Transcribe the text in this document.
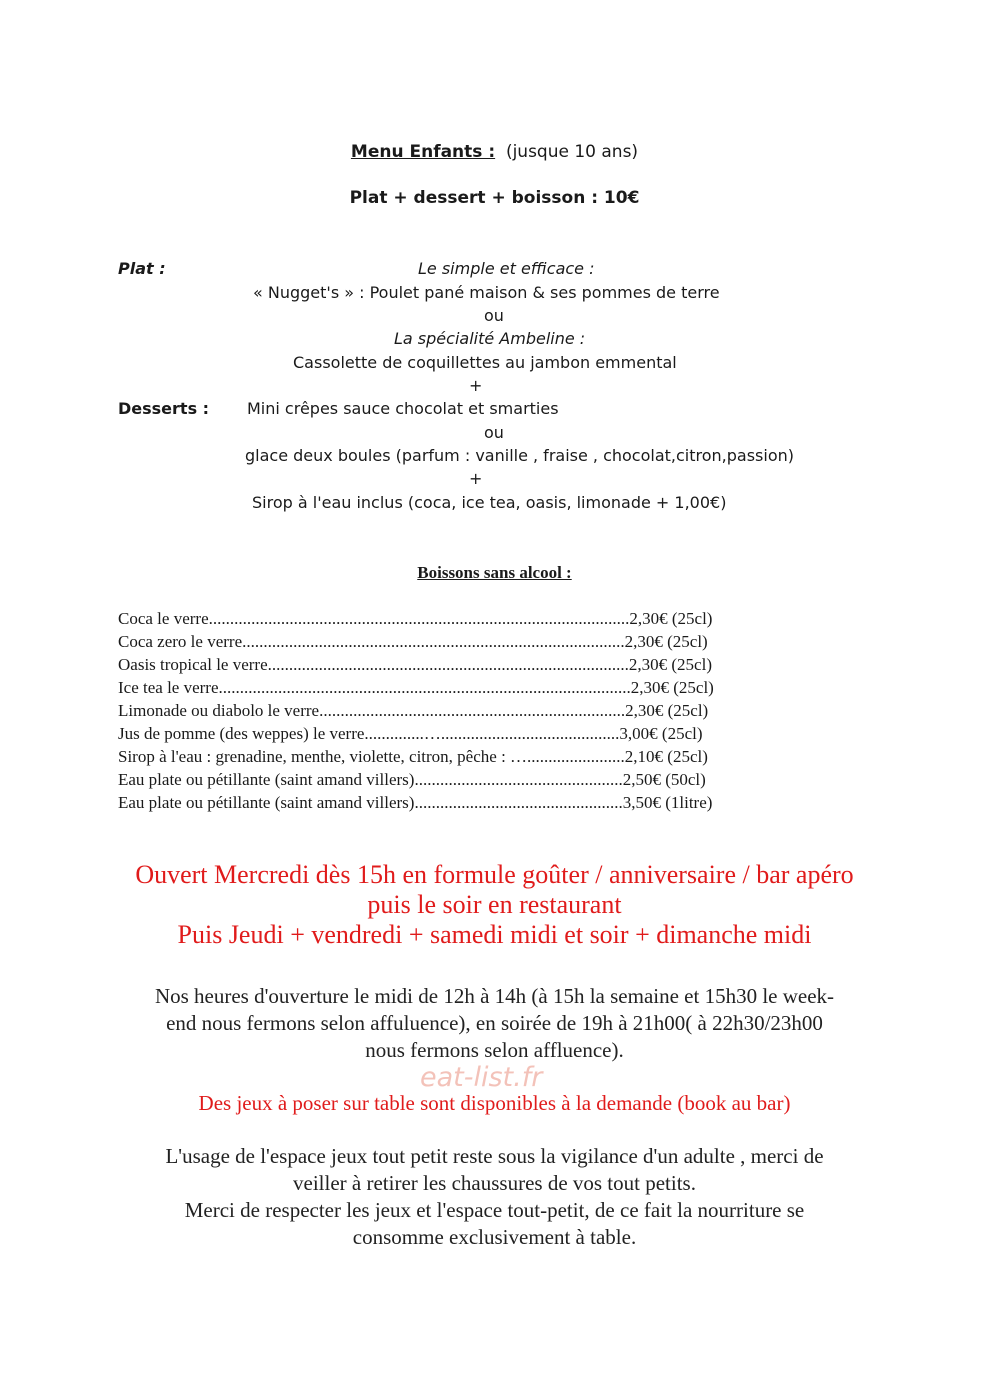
Menu Enfants : (jusque 10 ans)
Plat + dessert + boisson : 10€
Plat :	Le simple et efficace :
« Nugget's » : Poulet pané maison & ses pommes de terre
ou
La spécialité Ambeline :
Cassolette de coquillettes au jambon emmental
+
Desserts : Mini crêpes sauce chocolat et smarties
ou
glace deux boules (parfum : vanille , fraise , chocolat,citron,passion)
+
Sirop à l'eau inclus (coca, ice tea, oasis, limonade + 1,00€)
Boissons sans alcool :
Coca le verre...................................................................................................2,30€ (25cl)
Coca zero le verre..........................................................................................2,30€ (25cl)
Oasis tropical le verre.....................................................................................2,30€ (25cl)
Ice tea le verre.................................................................................................2,30€ (25cl)
Limonade ou diabolo le verre........................................................................2,30€ (25cl)
Jus de pomme (des weppes) le verre..............…..........................................3,00€ (25cl)
Sirop à l'eau : grenadine, menthe, violette, citron, pêche : ….......................2,10€ (25cl)
Eau plate ou pétillante (saint amand villers).................................................2,50€ (50cl)
Eau plate ou pétillante (saint amand villers).................................................3,50€ (1litre)
Ouvert Mercredi dès 15h en formule goûter / anniversaire / bar apéro
puis le soir en restaurant
Puis Jeudi + vendredi + samedi midi et soir + dimanche midi
Nos heures d'ouverture le midi de 12h à 14h (à 15h la semaine et 15h30 le week-
end nous fermons selon affuluence), en soirée de 19h à 21h00( à 22h30/23h00
nous fermons selon affluence).
eat-list.fr
Des jeux à poser sur table sont disponibles à la demande (book au bar)
L'usage de l'espace jeux tout petit reste sous la vigilance d'un adulte , merci de
veiller à retirer les chaussures de vos tout petits.
Merci de respecter les jeux et l'espace tout-petit, de ce fait la nourriture se
consomme exclusivement à table.
